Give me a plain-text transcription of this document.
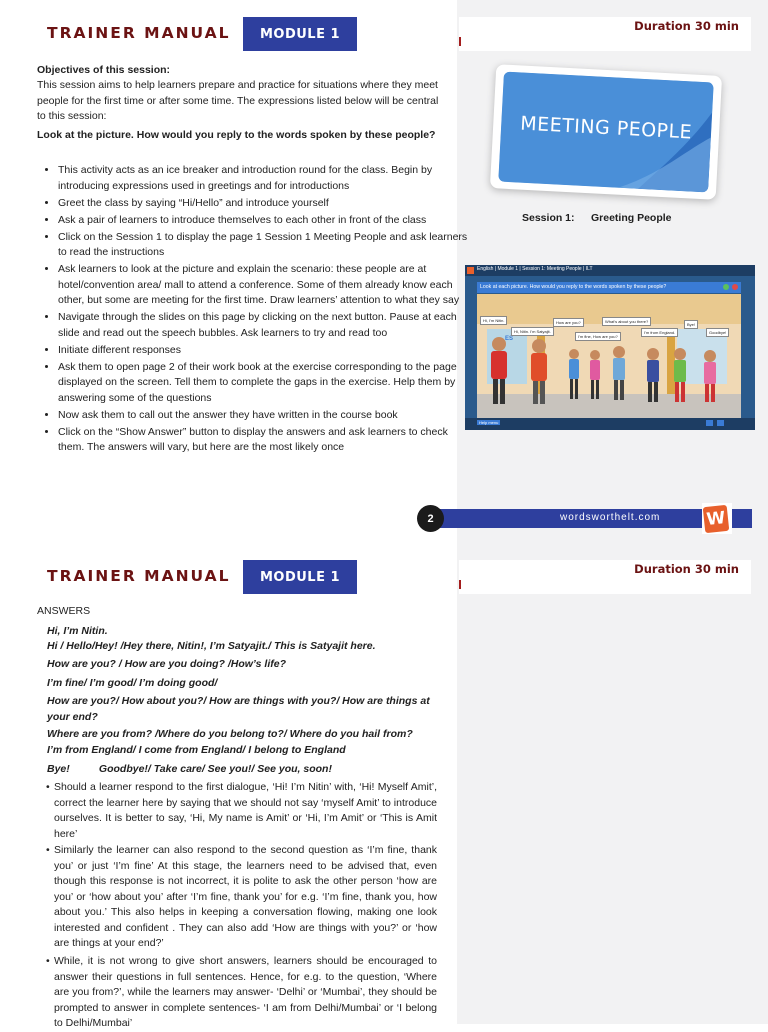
TRAINER MANUAL	MODULE 1
Duration 30 min
Objectives of this session:
This session aims to help learners prepare and practice for situations where they meet people for the first time or after some time. The expressions listed below will be central to this session:
Look at the picture. How would you reply to the words spoken by these people?
• This activity acts as an ice breaker and introduction round for the class. Begin by introducing expressions used in greetings and for introductions
• Greet the class by saying “Hi/Hello” and introduce yourself
• Ask a pair of learners to introduce themselves to each other in front of the class
• Click on the Session 1 to display the page 1 Session 1 Meeting People and ask learners to read the instructions
• Ask learners to look at the picture and explain the scenario: these people are at hotel/convention area/ mall to attend a conference. Some of them already know each other, but some are meeting for the first time. Draw learners’ attention to what they say
• Navigate through the slides on this page by clicking on the next button. Pause at each slide and read out the speech bubbles. Ask learners to try and read too
• Initiate different responses
• Ask them to open page 2 of their work book at the exercise corresponding to the page displayed on the screen. Tell them to complete the gaps in the exercise. Help them by answering some of the questions
• Now ask them to call out the answer they have written in the course book
• Click on the “Show Answer” button to display the answers and ask learners to check them. The answers will vary, but here are the most likely once
MEETING PEOPLE
Session 1: Greeting People
English | Module 1 | Session 1: Meeting People | ILT
Look at each picture. How would you reply to the words spoken by these people?
ES
Hi, I'm Nitin.
Hi, Nitin. I'm Satyajit.
How are you?
I'm fine, How are you?
What's about you there?
I'm from England.
Bye!
Goodbye!
Help menu
wordsworthelt.com
2	W
TRAINER MANUAL	MODULE 1
Duration 30 min
ANSWERS
Hi, I’m Nitin.
Hi / Hello/Hey! /Hey there, Nitin!, I’m Satyajit./ This is Satyajit here.
How are you? / How are you doing? /How’s life?
I’m fine/ I’m good/ I’m doing good/
How are you?/ How about you?/ How are things with you?/ How are things at your end?
Where are you from? /Where do you belong to?/ Where do you hail from?
I’m from England/ I come from England/ I belong to England
Bye!          Goodbye!/ Take care/ See you!/ See you, soon!
• Should a learner respond to the first dialogue, ‘Hi! I’m Nitin’ with, ‘Hi! Myself Amit’, correct the learner here by saying that we should not say ‘myself Amit’ to introduce ourselves. It is better to say, ‘Hi, My name is Amit’ or ‘Hi, I’m Amit’ or ‘This is Amit here’
• Similarly the learner can also respond to the second question as ‘I’m fine, thank you’ or just ‘I’m fine’ At this stage, the learners need to be advised that, even though this response is not incorrect, it is polite to ask the other person ‘how are you’ or ‘how about you’ after ‘I’m fine, thank you’ for e.g. ‘I’m fine, thank you, how about you.’ This also helps in keeping a conversation flowing, making one look interested and confident . They can also add ‘How are things with you?’ or ‘how are things at your end?’
• While, it is not wrong to give short answers, learners should be encouraged to answer their questions in full sentences. Hence, for e.g. to the question, ‘Where are you from?’, while the learners may answer- ‘Delhi’ or ‘Mumbai’, they should be prompted to answer in complete sentences- ‘I am from Delhi/Mumbai’ or ‘I belong to Delhi/Mumbai’
